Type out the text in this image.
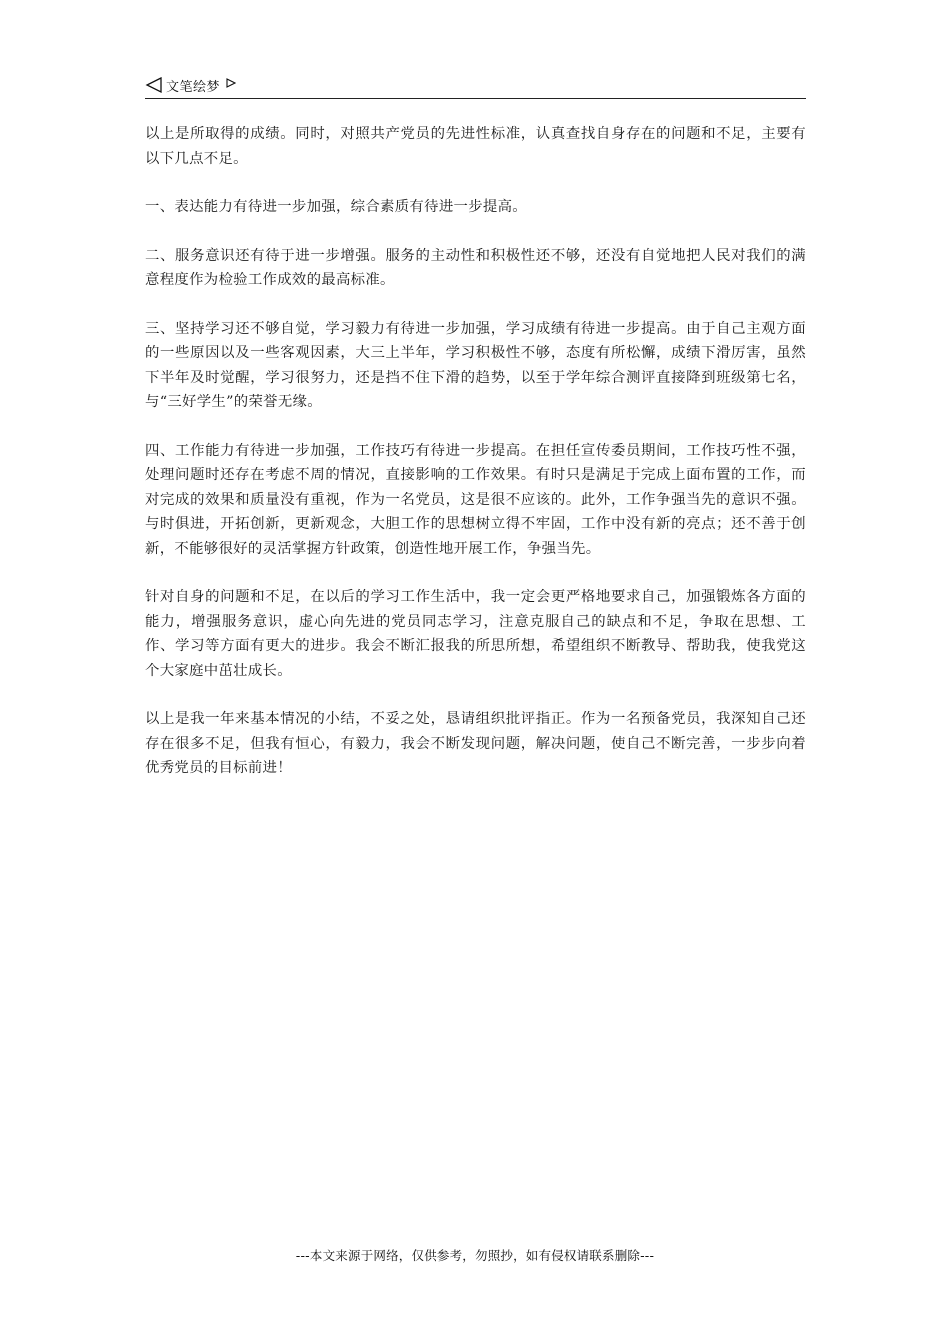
文笔绘梦

以上是所取得的成绩。同时，对照共产党员的先进性标准，认真查找自身存在的问题和不足，主要有以下几点不足。

一、表达能力有待进一步加强，综合素质有待进一步提高。

二、服务意识还有待于进一步增强。服务的主动性和积极性还不够，还没有自觉地把人民对我们的满意程度作为检验工作成效的最高标准。

三、坚持学习还不够自觉，学习毅力有待进一步加强，学习成绩有待进一步提高。由于自己主观方面的一些原因以及一些客观因素，大三上半年，学习积极性不够，态度有所松懈，成绩下滑厉害，虽然下半年及时觉醒，学习很努力，还是挡不住下滑的趋势，以至于学年综合测评直接降到班级第七名，与“三好学生”的荣誉无缘。

四、工作能力有待进一步加强，工作技巧有待进一步提高。在担任宣传委员期间，工作技巧性不强，处理问题时还存在考虑不周的情况，直接影响的工作效果。有时只是满足于完成上面布置的工作，而对完成的效果和质量没有重视，作为一名党员，这是很不应该的。此外，工作争强当先的意识不强。与时俱进，开拓创新，更新观念，大胆工作的思想树立得不牢固，工作中没有新的亮点；还不善于创新，不能够很好的灵活掌握方针政策，创造性地开展工作，争强当先。

针对自身的问题和不足，在以后的学习工作生活中，我一定会更严格地要求自己，加强锻炼各方面的能力，增强服务意识，虚心向先进的党员同志学习，注意克服自己的缺点和不足，争取在思想、工作、学习等方面有更大的进步。我会不断汇报我的所思所想，希望组织不断教导、帮助我，使我党这个大家庭中茁壮成长。

以上是我一年来基本情况的小结，不妥之处，恳请组织批评指正。作为一名预备党员，我深知自己还存在很多不足，但我有恒心，有毅力，我会不断发现问题，解决问题，使自己不断完善，一步步向着优秀党员的目标前进！

---本文来源于网络，仅供参考，勿照抄，如有侵权请联系删除---
